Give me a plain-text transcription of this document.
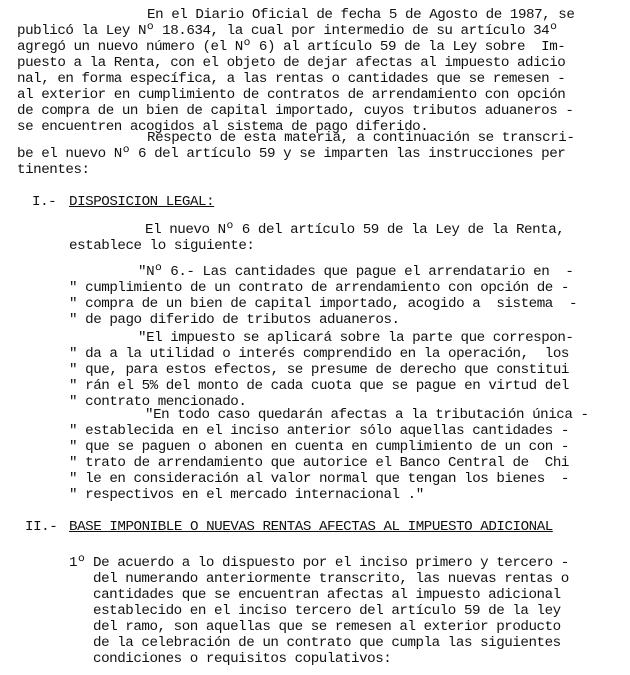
En el Diario Oficial de fecha 5 de Agosto de 1987, se
publicó la Ley Nº 18.634, la cual por intermedio de su artículo 34º
agregó un nuevo número (el Nº 6) al artículo 59 de la Ley sobre  Im-
puesto a la Renta, con el objeto de dejar afectas al impuesto adicio
nal, en forma específica, a las rentas o cantidades que se remesen -
al exterior en cumplimiento de contratos de arrendamiento con opción
de compra de un bien de capital importado, cuyos tributos aduaneros -
se encuentren acogidos al sistema de pago diferido.
Respecto de esta materia, a continuación se transcri-
be el nuevo Nº 6 del artículo 59 y se imparten las instrucciones per
tinentes:
I.- DISPOSICION LEGAL:
El nuevo Nº 6 del artículo 59 de la Ley de la Renta,
establece lo siguiente:
"Nº 6.- Las cantidades que pague el arrendatario en  -
" cumplimiento de un contrato de arrendamiento con opción de -
" compra de un bien de capital importado, acogido a  sistema  -
" de pago diferido de tributos aduaneros.
"El impuesto se aplicará sobre la parte que correspon-
" da a la utilidad o interés comprendido en la operación,  los
" que, para estos efectos, se presume de derecho que constitui
" rán el 5% del monto de cada cuota que se pague en virtud del
" contrato mencionado.
"En todo caso quedarán afectas a la tributación única -
" establecida en el inciso anterior sólo aquellas cantidades -
" que se paguen o abonen en cuenta en cumplimiento de un con -
" trato de arrendamiento que autorice el Banco Central de  Chi
" le en consideración al valor normal que tengan los bienes  -
" respectivos en el mercado internacional ."
II.- BASE IMPONIBLE O NUEVAS RENTAS AFECTAS AL IMPUESTO ADICIONAL
1º De acuerdo a lo dispuesto por el inciso primero y tercero -
del numerando anteriormente transcrito, las nuevas rentas o
cantidades que se encuentran afectas al impuesto adicional
establecido en el inciso tercero del artículo 59 de la ley
del ramo, son aquellas que se remesen al exterior producto
de la celebración de un contrato que cumpla las siguientes
condiciones o requisitos copulativos:
